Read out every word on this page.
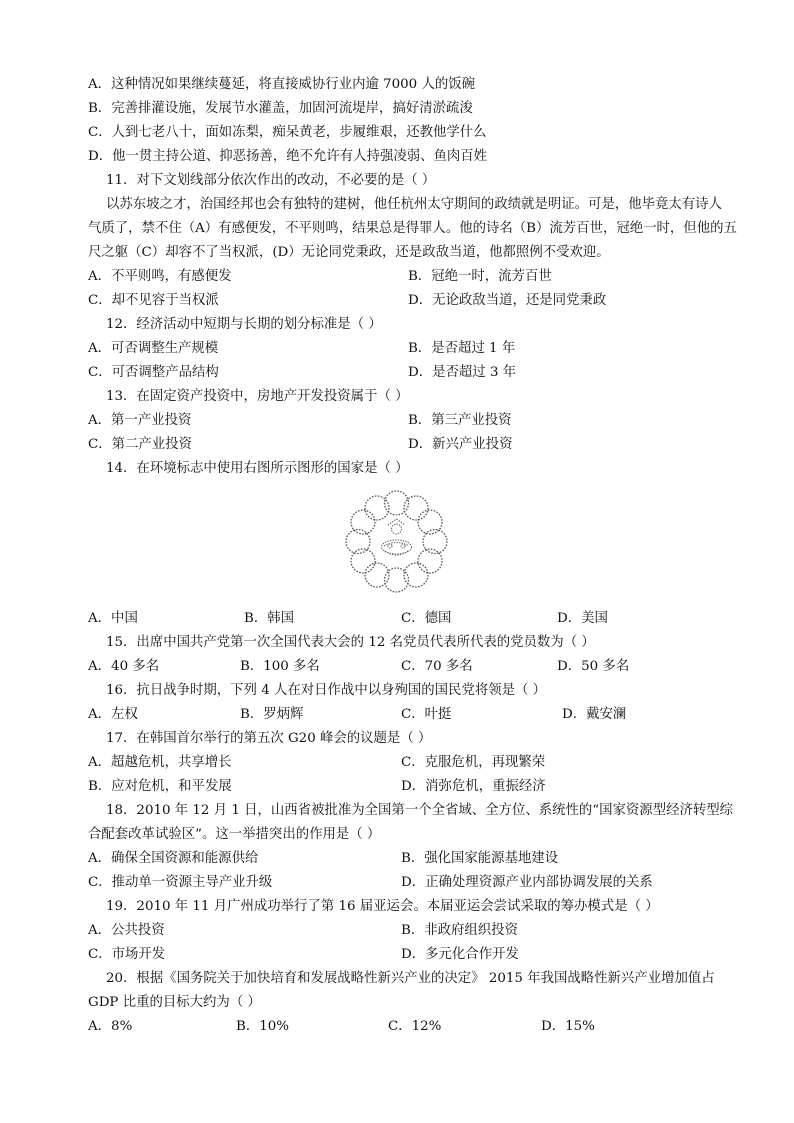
A．这种情况如果继续蔓延，将直接威协行业内逾 7000 人的饭碗
B．完善排灌设施，发展节水灌盖，加固河流堤岸，搞好清淤疏浚
C．人到七老八十，面如冻梨，痴呆黄老，步履维艰，还教他学什么
D．他一贯主持公道、抑恶扬善，绝不允许有人持强凌弱、鱼肉百姓
11．对下文划线部分依次作出的改动，不必要的是（ ）
以苏东坡之才，治国经邦也会有独特的建树，他任杭州太守期间的政绩就是明证。可是，他毕竟太有诗人
气质了，禁不住（A）有感便发，不平则鸣，结果总是得罪人。他的诗名（B）流芳百世，冠绝一时，但他的五
尺之躯（C）却容不了当权派，(D）无论同党秉政，还是政敌当道，他都照例不受欢迎。
A．不平则鸣，有感便发	B．冠绝一时，流芳百世
C．却不见容于当权派	D．无论政敌当道，还是同党秉政
12．经济活动中短期与长期的划分标准是（ ）
A．可否调整生产规模	B．是否超过 1 年
C．可否调整产品结构	D．是否超过 3 年
13．在固定资产投资中，房地产开发投资属于（ ）
A．第一产业投资	B．第三产业投资
C．第二产业投资	D．新兴产业投资
14．在环境标志中使用右图所示图形的国家是（ ）
A．中国	B．韩国	C．德国	D．美国
15．出席中国共产党第一次全国代表大会的 12 名党员代表所代表的党员数为（ ）
A．40 多名	B．100 多名	C．70 多名	D．50 多名
16．抗日战争时期，下列 4 人在对日作战中以身殉国的国民党将领是（ ）
A．左权	B．罗炳辉	C．叶挺	D．戴安澜
17．在韩国首尔举行的第五次 G20 峰会的议题是（ ）
A．超越危机，共享增长	C．克服危机，再现繁荣
B．应对危机，和平发展	D．消弥危机，重振经济
18．2010 年 12 月 1 日，山西省被批准为全国第一个全省域、全方位、系统性的“国家资源型经济转型综
合配套改革试验区”。这一举措突出的作用是（ ）
A．确保全国资源和能源供给	B．强化国家能源基地建设
C．推动单一资源主导产业升级	D．正确处理资源产业内部协调发展的关系
19．2010 年 11 月广州成功举行了第 16 届亚运会。本届亚运会尝试采取的筹办模式是（ ）
A．公共投资	B．非政府组织投资
C．市场开发	D．多元化合作开发
20．根据《国务院关于加快培育和发展战略性新兴产业的决定》 2015 年我国战略性新兴产业增加值占
GDP 比重的目标大约为（ ）
A．8%	B．10%	C．12%	D．15%
